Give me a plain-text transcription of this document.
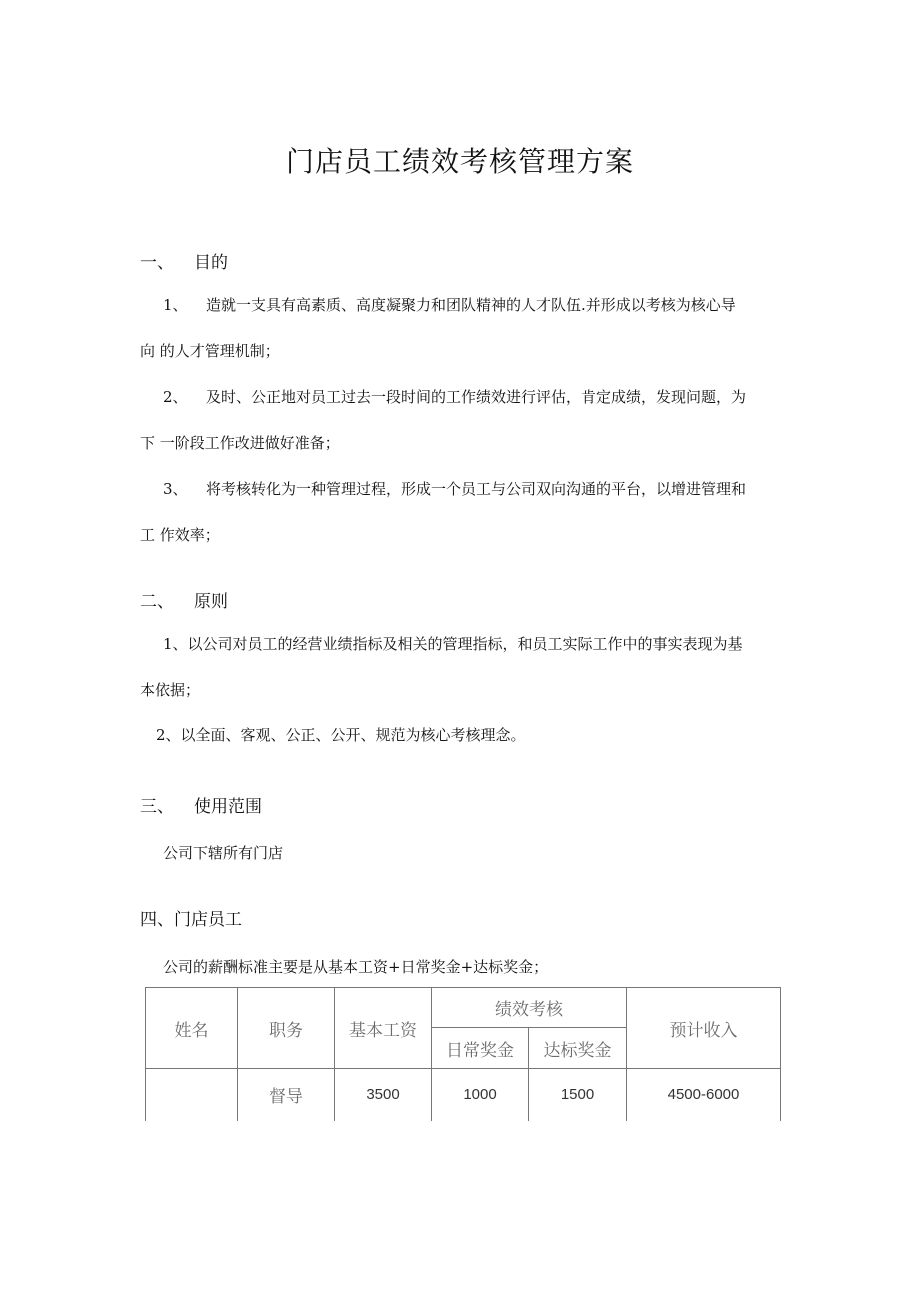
门店员工绩效考核管理方案
一、 目的
1、 造就一支具有高素质、高度凝聚力和团队精神的人才队伍.并形成以考核为核心导
向 的人才管理机制；
2、 及时、公正地对员工过去一段时间的工作绩效进行评估，肯定成绩，发现问题，为
下 一阶段工作改进做好准备；
3、 将考核转化为一种管理过程，形成一个员工与公司双向沟通的平台，以增进管理和
工 作效率；
二、 原则
1、以公司对员工的经营业绩指标及相关的管理指标，和员工实际工作中的事实表现为基
本依据；
2、以全面、客观、公正、公开、规范为核心考核理念。
三、 使用范围
公司下辖所有门店
四、门店员工
公司的薪酬标准主要是从基本工资+日常奖金+达标奖金；
姓名	职务	基本工资	绩效考核		预计收入
			日常奖金	达标奖金	
	督导	3500	1000	1500	4500-6000
